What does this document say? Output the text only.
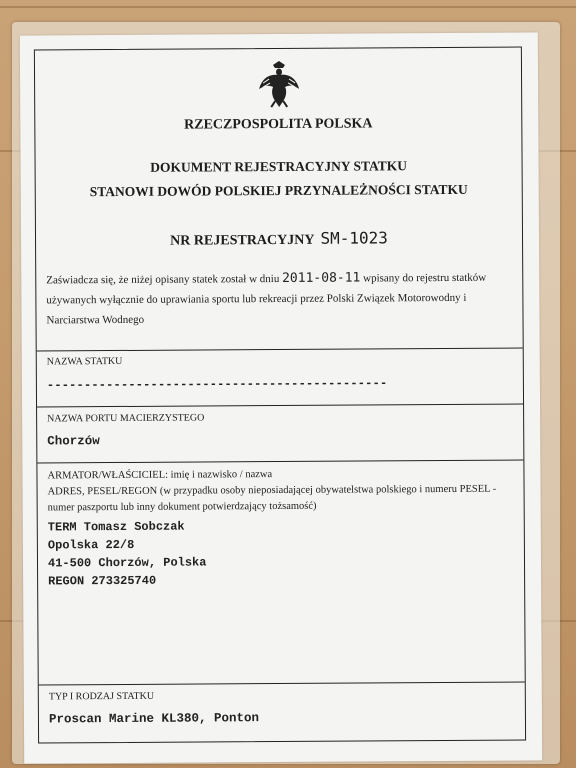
RZECZPOSPOLITA POLSKA
DOKUMENT REJESTRACYJNY STATKU
STANOWI DOWÓD POLSKIEJ PRZYNALEŻNOŚCI STATKU
NR REJESTRACYJNY SM-1023
Zaświadcza się, że niżej opisany statek został w dniu 2011-08-11 wpisany do rejestru statków używanych wyłącznie do uprawiania sportu lub rekreacji przez Polski Związek Motorowodny i Narciarstwa Wodnego
NAZWA STATKU
----------------------------------------------
NAZWA PORTU MACIERZYSTEGO
Chorzów
ARMATOR/WŁAŚCICIEL: imię i nazwisko / nazwa
ADRES, PESEL/REGON (w przypadku osoby nieposiadającej obywatelstwa polskiego i numeru PESEL - numer paszportu lub inny dokument potwierdzający tożsamość)
TERM Tomasz Sobczak
Opolska 22/8
41-500 Chorzów, Polska
REGON 273325740
TYP I RODZAJ STATKU
Proscan Marine KL380, Ponton
